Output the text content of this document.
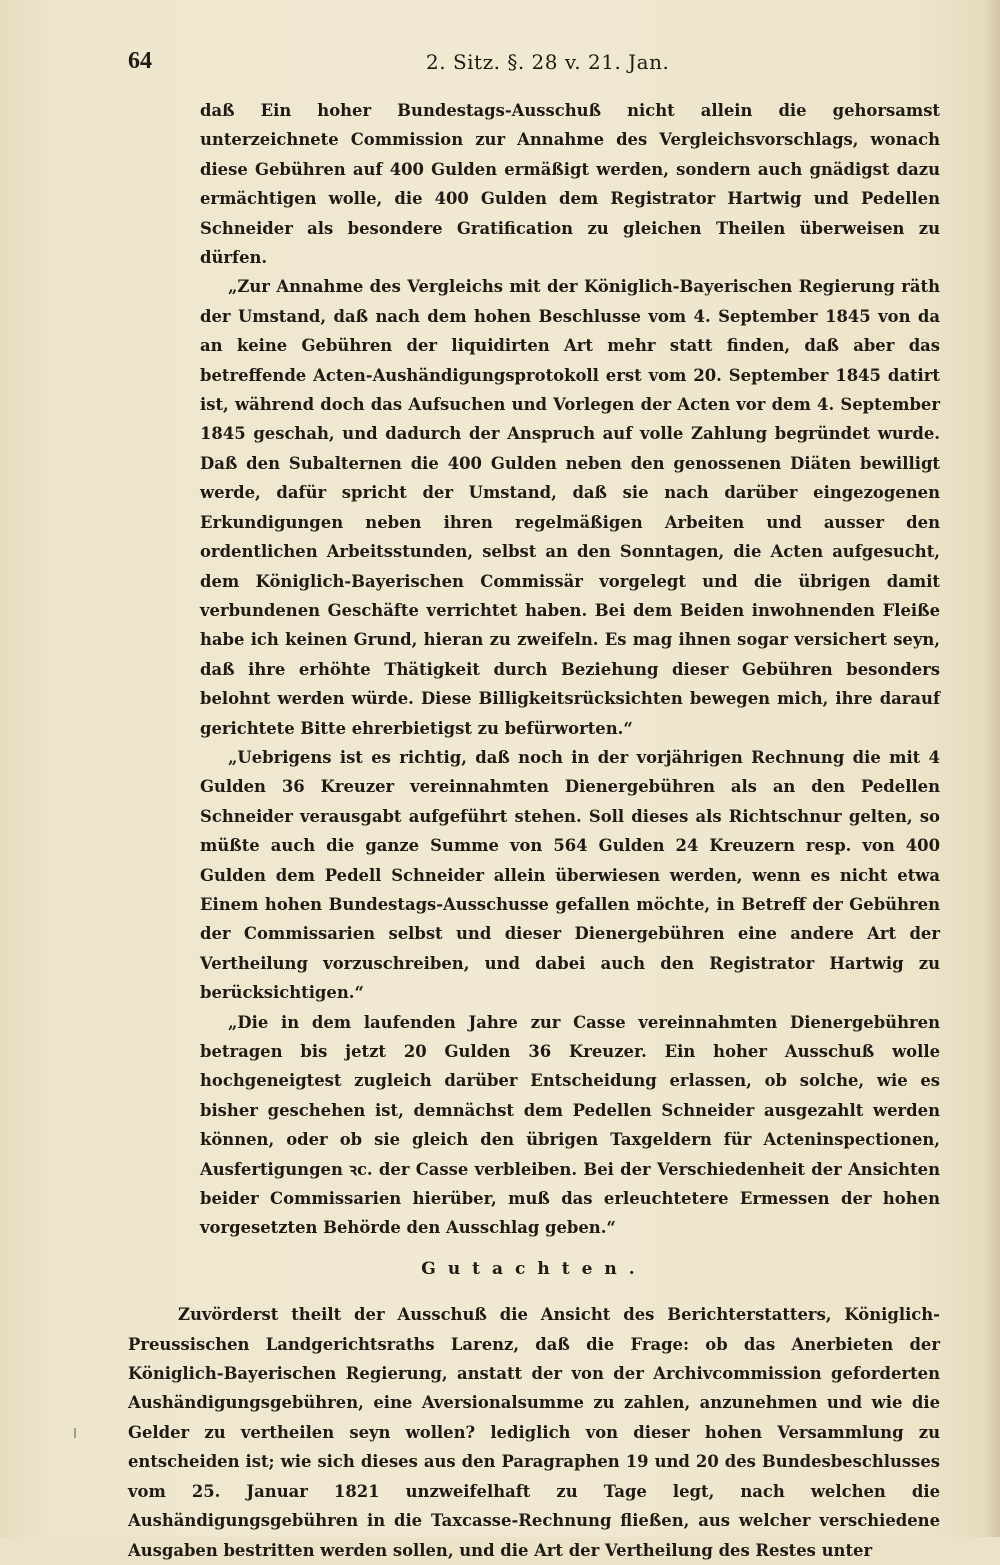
64	2. Sitz. §. 28 v. 21. Jan.

daß Ein hoher Bundestags-Ausschuß nicht allein die gehorsamst unterzeichnete Commission zur Annahme des Vergleichsvorschlags, wonach diese Gebühren auf 400 Gulden ermäßigt werden, sondern auch gnädigst dazu ermächtigen wolle, die 400 Gulden dem Registrator Hartwig und Pedellen Schneider als besondere Gratification zu gleichen Theilen überweisen zu dürfen.

„Zur Annahme des Vergleichs mit der Königlich-Bayerischen Regierung räth der Umstand, daß nach dem hohen Beschlusse vom 4. September 1845 von da an keine Gebühren der liquidirten Art mehr statt finden, daß aber das betreffende Acten-Aushändigungsprotokoll erst vom 20. September 1845 datirt ist, während doch das Aufsuchen und Vorlegen der Acten vor dem 4. September 1845 geschah, und dadurch der Anspruch auf volle Zahlung begründet wurde. Daß den Subalternen die 400 Gulden neben den genossenen Diäten bewilligt werde, dafür spricht der Umstand, daß sie nach darüber eingezogenen Erkundigungen neben ihren regelmäßigen Arbeiten und ausser den ordentlichen Arbeitsstunden, selbst an den Sonntagen, die Acten aufgesucht, dem Königlich-Bayerischen Commissär vorgelegt und die übrigen damit verbundenen Geschäfte verrichtet haben. Bei dem Beiden inwohnenden Fleiße habe ich keinen Grund, hieran zu zweifeln. Es mag ihnen sogar versichert seyn, daß ihre erhöhte Thätigkeit durch Beziehung dieser Gebühren besonders belohnt werden würde. Diese Billigkeitsrücksichten bewegen mich, ihre darauf gerichtete Bitte ehrerbietigst zu befürworten.“

„Uebrigens ist es richtig, daß noch in der vorjährigen Rechnung die mit 4 Gulden 36 Kreuzer vereinnahmten Dienergebühren als an den Pedellen Schneider verausgabt aufgeführt stehen. Soll dieses als Richtschnur gelten, so müßte auch die ganze Summe von 564 Gulden 24 Kreuzern resp. von 400 Gulden dem Pedell Schneider allein überwiesen werden, wenn es nicht etwa Einem hohen Bundestags-Ausschusse gefallen möchte, in Betreff der Gebühren der Commissarien selbst und dieser Dienergebühren eine andere Art der Vertheilung vorzuschreiben, und dabei auch den Registrator Hartwig zu berücksichtigen.“

„Die in dem laufenden Jahre zur Casse vereinnahmten Dienergebühren betragen bis jetzt 20 Gulden 36 Kreuzer. Ein hoher Ausschuß wolle hochgeneigtest zugleich darüber Entscheidung erlassen, ob solche, wie es bisher geschehen ist, demnächst dem Pedellen Schneider ausgezahlt werden können, oder ob sie gleich den übrigen Taxgeldern für Acteninspectionen, Ausfertigungen ꝛc. der Casse verbleiben. Bei der Verschiedenheit der Ansichten beider Commissarien hierüber, muß das erleuchtetere Ermessen der hohen vorgesetzten Behörde den Ausschlag geben.“

Gutachten.

Zuvörderst theilt der Ausschuß die Ansicht des Berichterstatters, Königlich-Preussischen Landgerichtsraths Larenz, daß die Frage: ob das Anerbieten der Königlich-Bayerischen Regierung, anstatt der von der Archivcommission geforderten Aushändigungsgebühren, eine Aversionalsumme zu zahlen, anzunehmen und wie die Gelder zu vertheilen seyn wollen? lediglich von dieser hohen Versammlung zu entscheiden ist; wie sich dieses aus den Paragraphen 19 und 20 des Bundesbeschlusses vom 25. Januar 1821 unzweifelhaft zu Tage legt, nach welchen die Aushändigungsgebühren in die Taxcasse-Rechnung fließen, aus welcher verschiedene Ausgaben bestritten werden sollen, und die Art der Vertheilung des Restes unter
